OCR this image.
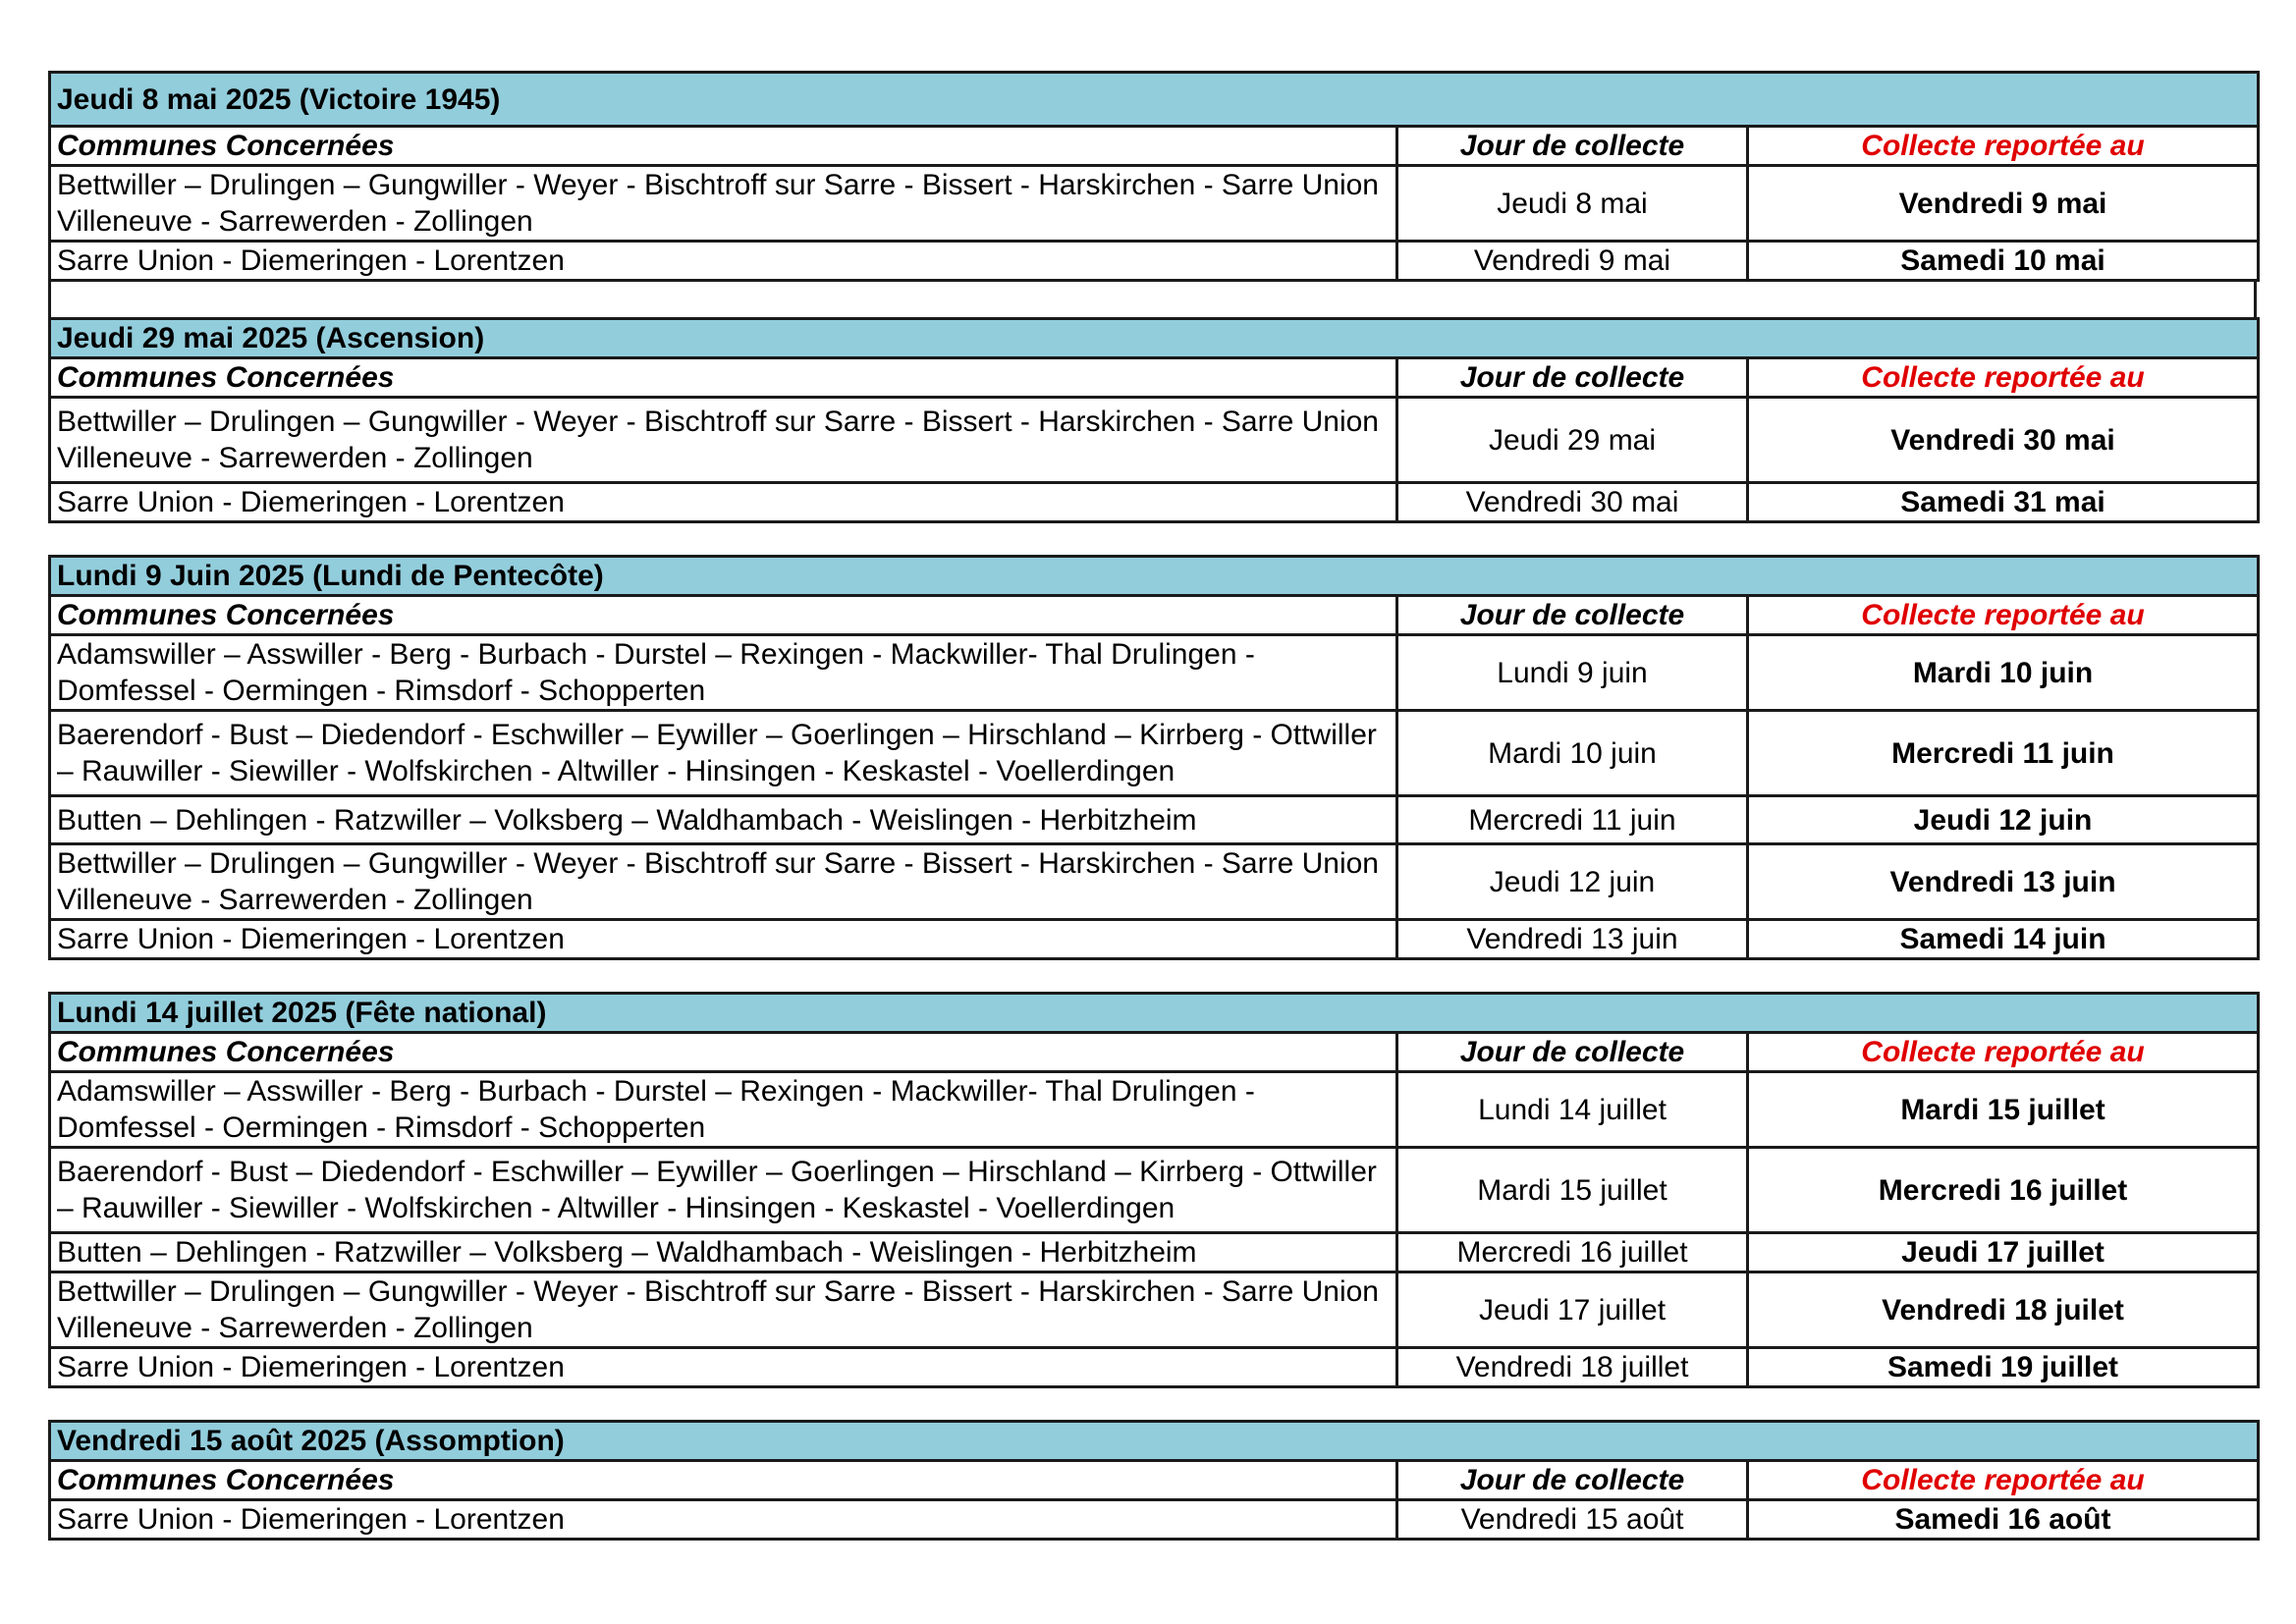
Jeudi 8 mai 2025 (Victoire 1945)		
Communes Concernées	Jour de collecte	Collecte reportée au
Bettwiller – Drulingen – Gungwiller - Weyer - Bischtroff sur Sarre - Bissert - Harskirchen - Sarre Union Villeneuve - Sarrewerden - Zollingen	Jeudi 8 mai	Vendredi 9 mai
Sarre Union - Diemeringen - Lorentzen	Vendredi 9 mai	Samedi 10 mai
Jeudi 29 mai 2025 (Ascension)		
Communes Concernées	Jour de collecte	Collecte reportée au
Bettwiller – Drulingen – Gungwiller - Weyer - Bischtroff sur Sarre - Bissert - Harskirchen - Sarre Union Villeneuve - Sarrewerden - Zollingen	Jeudi 29 mai	Vendredi 30 mai
Sarre Union - Diemeringen - Lorentzen	Vendredi 30 mai	Samedi 31 mai
Lundi 9 Juin 2025 (Lundi de Pentecôte)		
Communes Concernées	Jour de collecte	Collecte reportée au
Adamswiller – Asswiller - Berg - Burbach - Durstel – Rexingen - Mackwiller- Thal Drulingen - Domfessel - Oermingen - Rimsdorf - Schopperten	Lundi 9 juin	Mardi 10 juin
Baerendorf - Bust – Diedendorf - Eschwiller – Eywiller – Goerlingen – Hirschland – Kirrberg - Ottwiller – Rauwiller - Siewiller - Wolfskirchen - Altwiller - Hinsingen - Keskastel - Voellerdingen	Mardi 10 juin	Mercredi 11 juin
Butten – Dehlingen - Ratzwiller – Volksberg – Waldhambach - Weislingen - Herbitzheim	Mercredi 11 juin	Jeudi 12 juin
Bettwiller – Drulingen – Gungwiller - Weyer - Bischtroff sur Sarre - Bissert - Harskirchen - Sarre Union Villeneuve - Sarrewerden - Zollingen	Jeudi 12 juin	Vendredi 13 juin
Sarre Union - Diemeringen - Lorentzen	Vendredi 13 juin	Samedi 14 juin
Lundi 14 juillet 2025 (Fête national)		
Communes Concernées	Jour de collecte	Collecte reportée au
Adamswiller – Asswiller - Berg - Burbach - Durstel – Rexingen - Mackwiller- Thal Drulingen - Domfessel - Oermingen - Rimsdorf - Schopperten	Lundi 14 juillet	Mardi 15 juillet
Baerendorf - Bust – Diedendorf - Eschwiller – Eywiller – Goerlingen – Hirschland – Kirrberg - Ottwiller – Rauwiller - Siewiller - Wolfskirchen - Altwiller - Hinsingen - Keskastel - Voellerdingen	Mardi 15 juillet	Mercredi 16 juillet
Butten – Dehlingen - Ratzwiller – Volksberg – Waldhambach - Weislingen - Herbitzheim	Mercredi 16 juillet	Jeudi 17 juillet
Bettwiller – Drulingen – Gungwiller - Weyer - Bischtroff sur Sarre - Bissert - Harskirchen - Sarre Union Villeneuve - Sarrewerden - Zollingen	Jeudi 17 juillet	Vendredi 18 juilet
Sarre Union - Diemeringen - Lorentzen	Vendredi 18 juillet	Samedi 19 juillet
Vendredi 15 août 2025 (Assomption)		
Communes Concernées	Jour de collecte	Collecte reportée au
Sarre Union - Diemeringen - Lorentzen	Vendredi 15 août	Samedi 16 août
